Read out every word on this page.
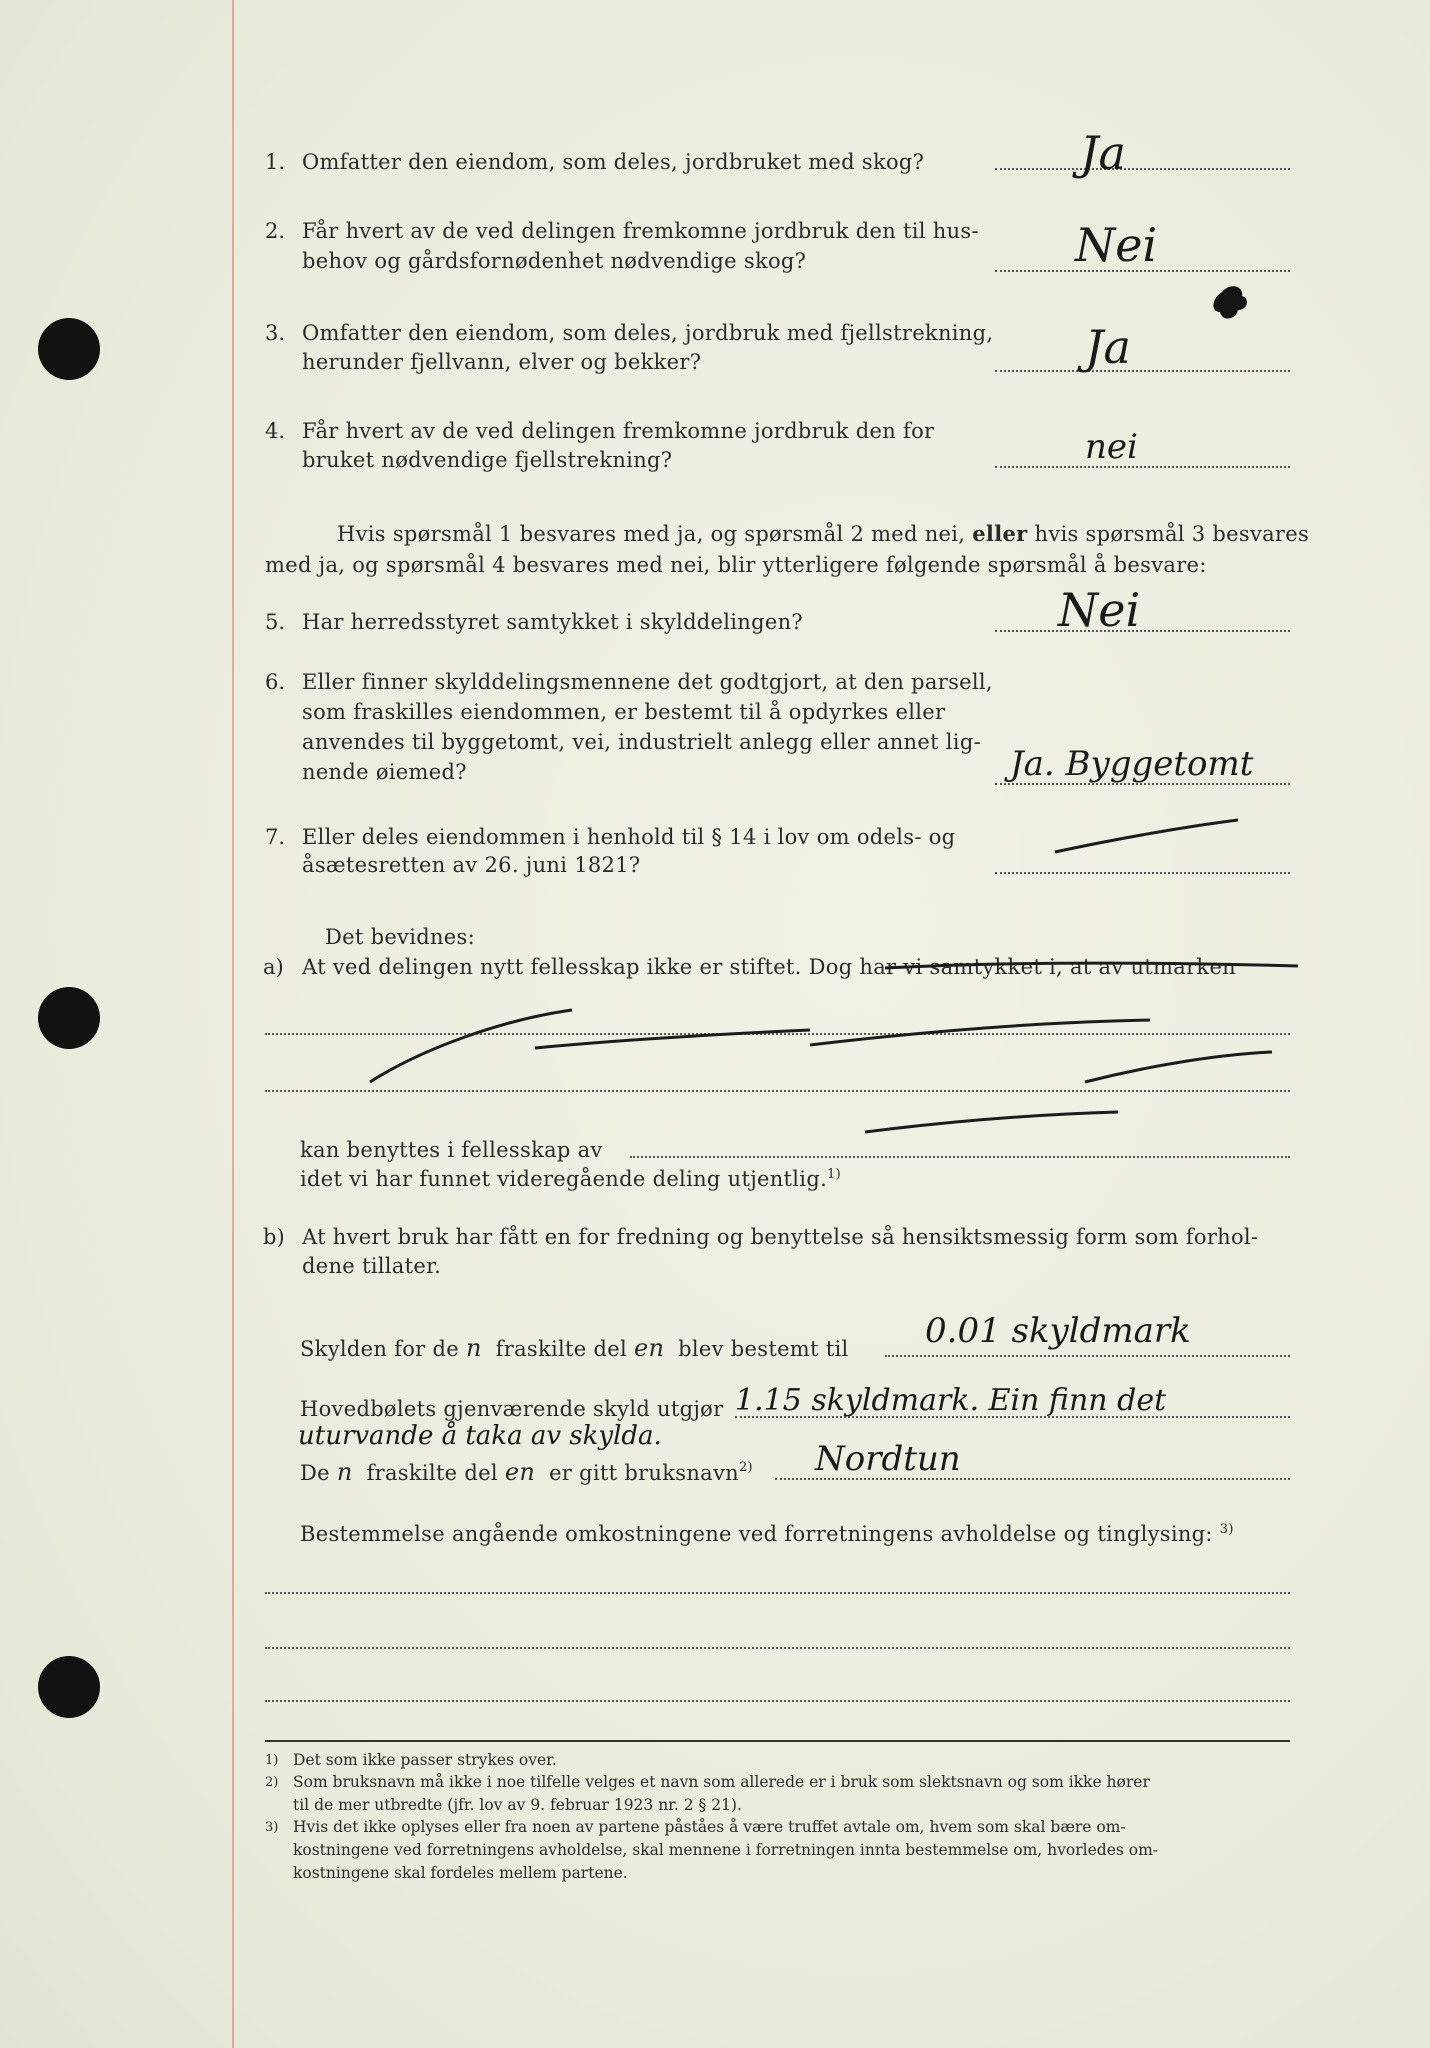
1. Omfatter den eiendom, som deles, jordbruket med skog?	Ja
2. Får hvert av de ved delingen fremkomne jordbruk den til hus-
behov og gårdsfornødenhet nødvendige skog?	Nei
3. Omfatter den eiendom, som deles, jordbruk med fjellstrekning,
herunder fjellvann, elver og bekker?	Ja
4. Får hvert av de ved delingen fremkomne jordbruk den for
bruket nødvendige fjellstrekning?	nei
Hvis spørsmål 1 besvares med ja, og spørsmål 2 med nei, eller hvis spørsmål 3 besvares
med ja, og spørsmål 4 besvares med nei, blir ytterligere følgende spørsmål å besvare:
5. Har herredsstyret samtykket i skylddelingen?	Nei
6. Eller finner skylddelingsmennene det godtgjort, at den parsell,
som fraskilles eiendommen, er bestemt til å opdyrkes eller
anvendes til byggetomt, vei, industrielt anlegg eller annet lig-
nende øiemed?	Ja. Byggetomt
7. Eller deles eiendommen i henhold til § 14 i lov om odels- og
åsætesretten av 26. juni 1821?
Det bevidnes:
a) At ved delingen nytt fellesskap ikke er stiftet. Dog har vi samtykket i, at av utmarken
kan benyttes i fellesskap av
idet vi har funnet videregående deling utjentlig.$^{1)}$
b) At hvert bruk har fått en for fredning og benyttelse så hensiktsmessig form som forhol-
dene tillater.
Skylden for de n fraskilte del en blev bestemt til 0.01 skyldmark
Hovedbølets gjenværende skyld utgjør 1.15 skyldmark. Ein finn det
uturvande å taka av skylda.
De n fraskilte del en er gitt bruksnavn$^{2)}$ Nordtun
Bestemmelse angående omkostningene ved forretningens avholdelse og tinglysing: $^{3)}$
1) Det som ikke passer strykes over.
2) Som bruksnavn må ikke i noe tilfelle velges et navn som allerede er i bruk som slektsnavn og som ikke hører
til de mer utbredte (jfr. lov av 9. februar 1923 nr. 2 § 21).
3) Hvis det ikke oplyses eller fra noen av partene påståes å være truffet avtale om, hvem som skal bære om-
kostningene ved forretningens avholdelse, skal mennene i forretningen innta bestemmelse om, hvorledes om-
kostningene skal fordeles mellem partene.
